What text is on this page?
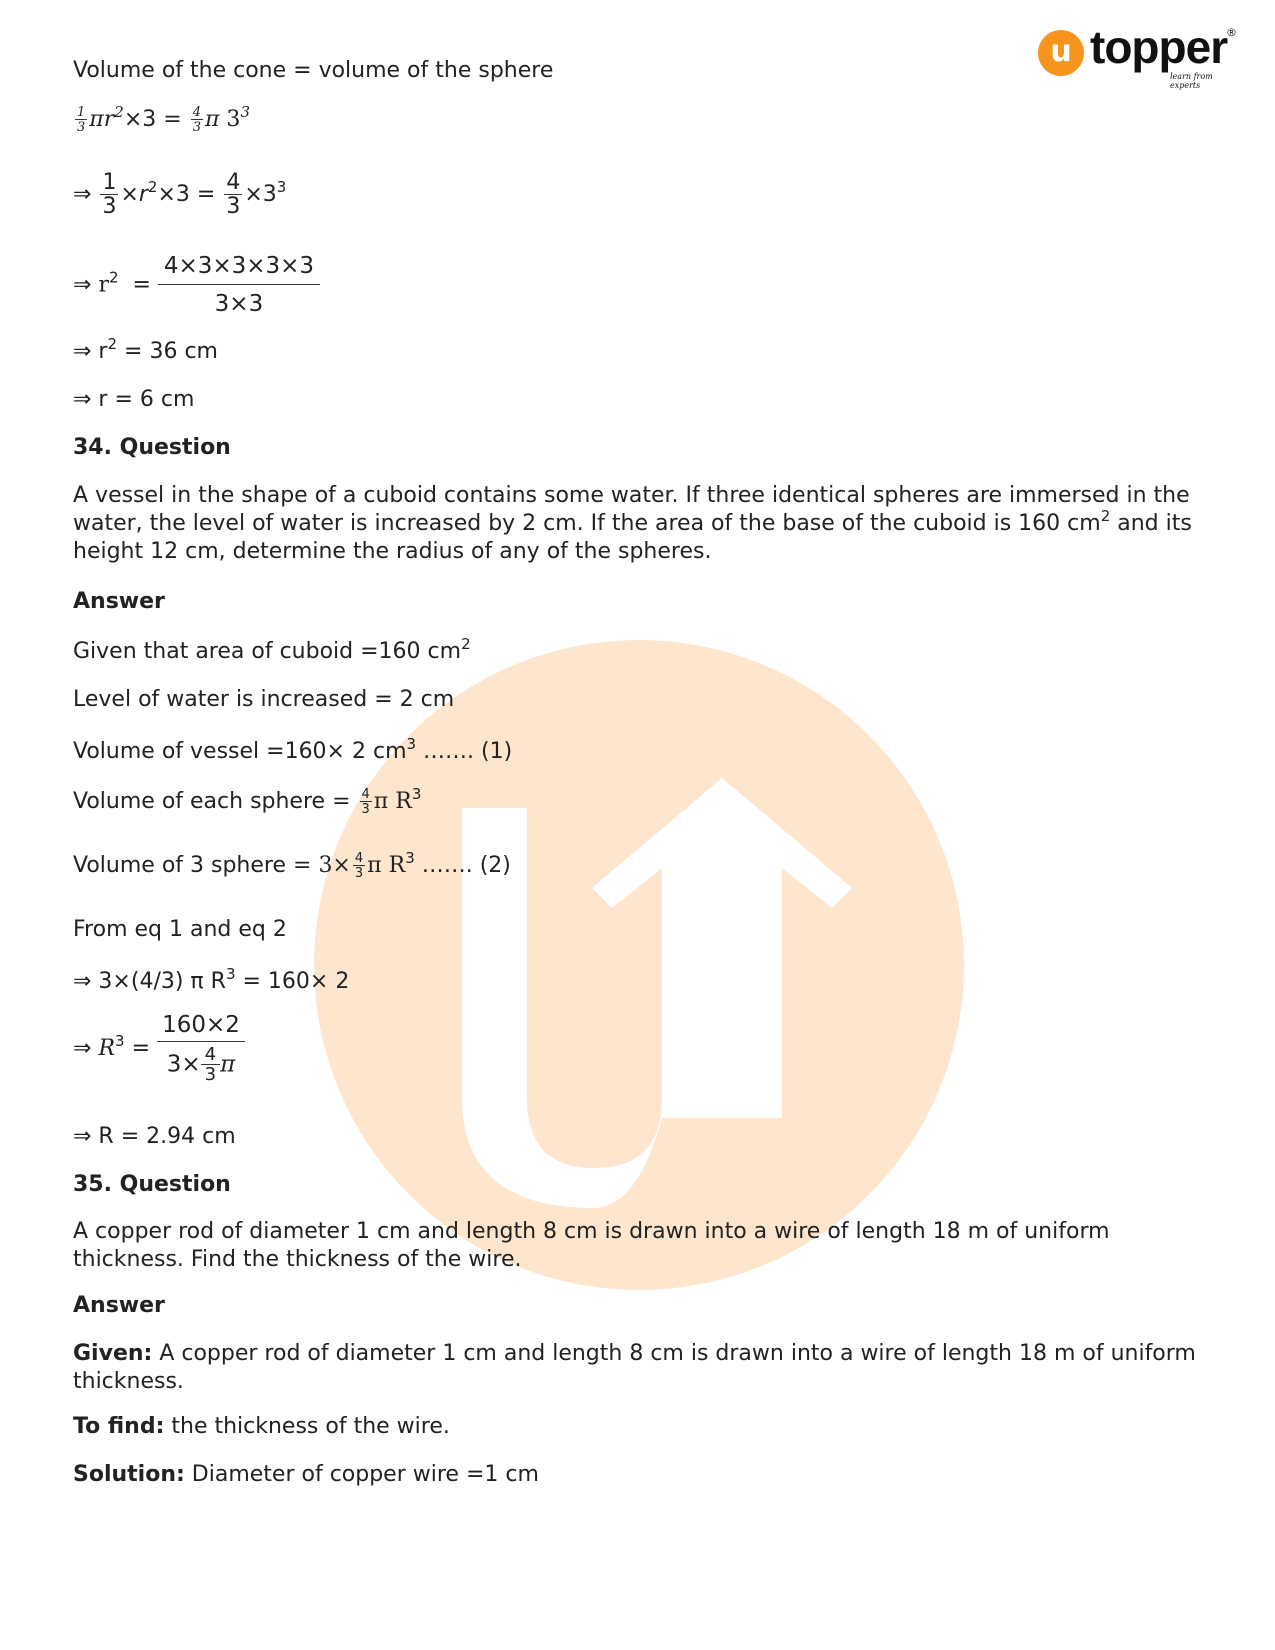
u topper
®
learn from experts
Volume of the cone = volume of the sphere
$\frac{1}{3} \pi r^2\times 3 = \frac{4}{3}$ π $3^3$
⇒ $\frac{1}{3} \times r^2\times 3 = \frac{4}{3} \times 3^3$
⇒ $r^2 = \frac{4\times 3\times 3\times 3\times 3}{3\times 3}$
⇒ $r^2 = 36$ cm
⇒ r = 6 cm
34. Question
A vessel in the shape of a cuboid contains some water. If three identical spheres are immersed in the water, the level of water is increased by 2 cm. If the area of the base of the cuboid is 160 $cm^2$ and its height 12 cm, determine the radius of any of the spheres.
Answer
Given that area of cuboid =160 $cm^2$
Level of water is increased = 2 cm
Volume of vessel =160× 2 $cm^3$ ……. (1)
Volume of each sphere = $\frac{4}{3}$ π $R^3$
Volume of 3 sphere = $3\times \frac{4}{3}$ π $R^3$ ……. (2)
From eq 1 and eq 2
⇒ 3×(4/3) π $R^3 = 160\times 2$
⇒ $R^3 = \frac{160\times 2}{3\times \frac{4}{3} \pi}$
⇒ R = 2.94 cm
35. Question
A copper rod of diameter 1 cm and length 8 cm is drawn into a wire of length 18 m of uniform thickness. Find the thickness of the wire.
Answer
Given: A copper rod of diameter 1 cm and length 8 cm is drawn into a wire of length 18 m of uniform thickness.
To find: the thickness of the wire.
Solution: Diameter of copper wire =1 cm
